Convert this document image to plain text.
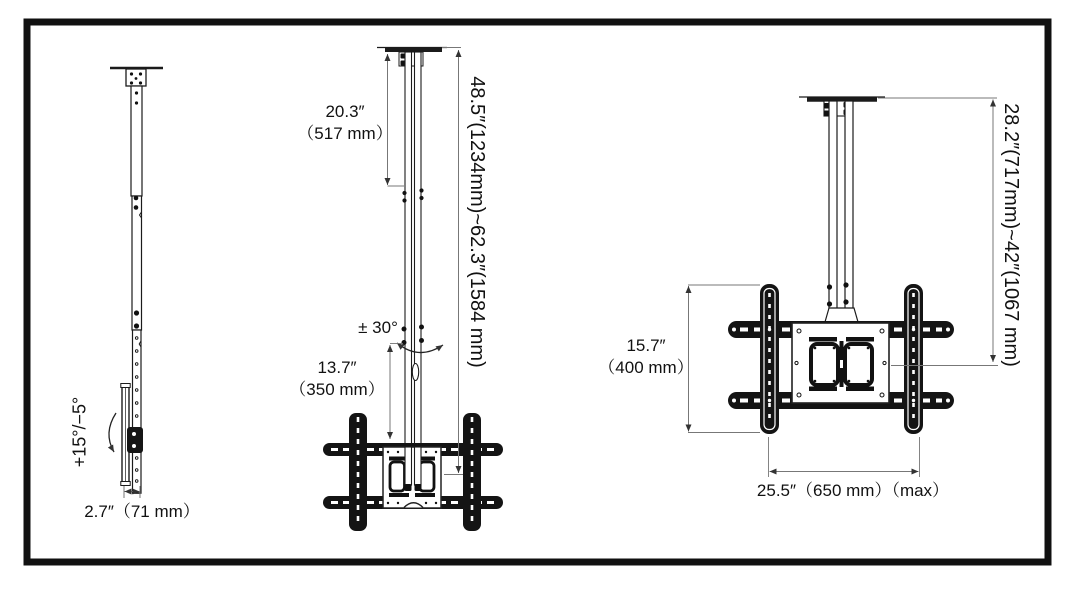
+15°/−5°
2.7″（71 mm）
20.3″
（517 mm）
± 30°
13.7″
（350 mm）
48.5″(1234mm)~62.3″(1584 mm)	15.7″
（400 mm）
28.2″(717mm)~42″(1067 mm)
25.5″（650 mm）（max）
